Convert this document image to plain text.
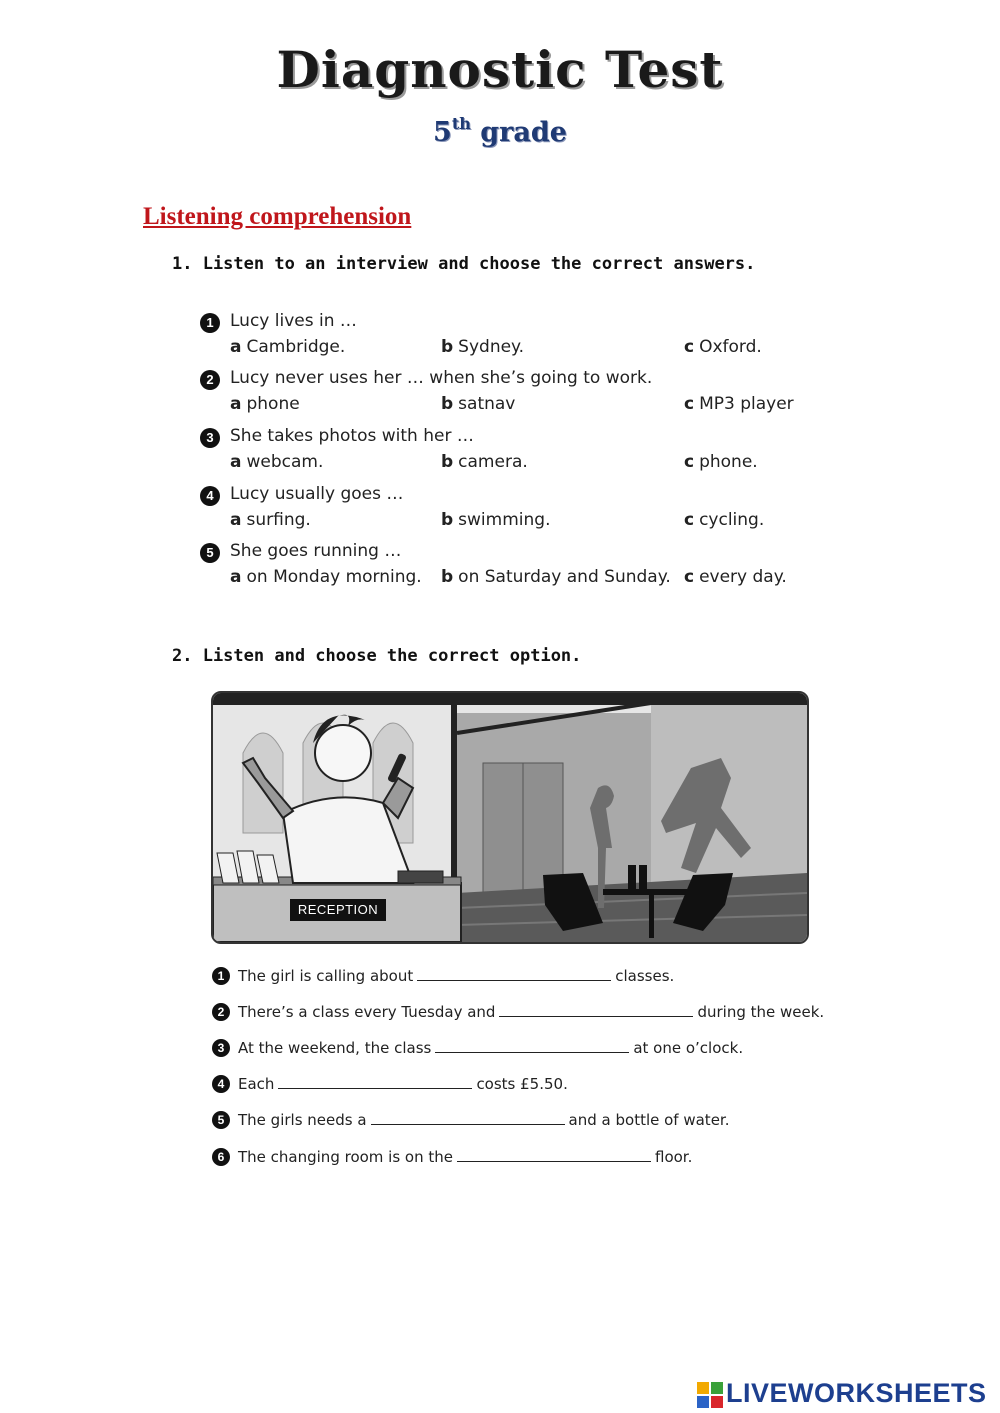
Diagnostic Test
5th grade
Listening comprehension
1. Listen to an interview and choose the correct answers.
1 Lucy lives in …
a Cambridge.	b Sydney.	c Oxford.
2 Lucy never uses her … when she’s going to work.
a phone	b satnav	c MP3 player
3 She takes photos with her …
a webcam.	b camera.	c phone.
4 Lucy usually goes …
a surfing.	b swimming.	c cycling.
5 She goes running …
a on Monday morning. b on Saturday and Sunday. c every day.
2. Listen and choose the correct option.
RECEPTION
1 The girl is calling about	classes.
2 There’s a class every Tuesday and	during the week.
3 At the weekend, the class	at one o’clock.
4 Each	costs £5.50.
5 The girls needs a	and a bottle of water.
6 The changing room is on the	floor.
LIVEWORKSHEETS
